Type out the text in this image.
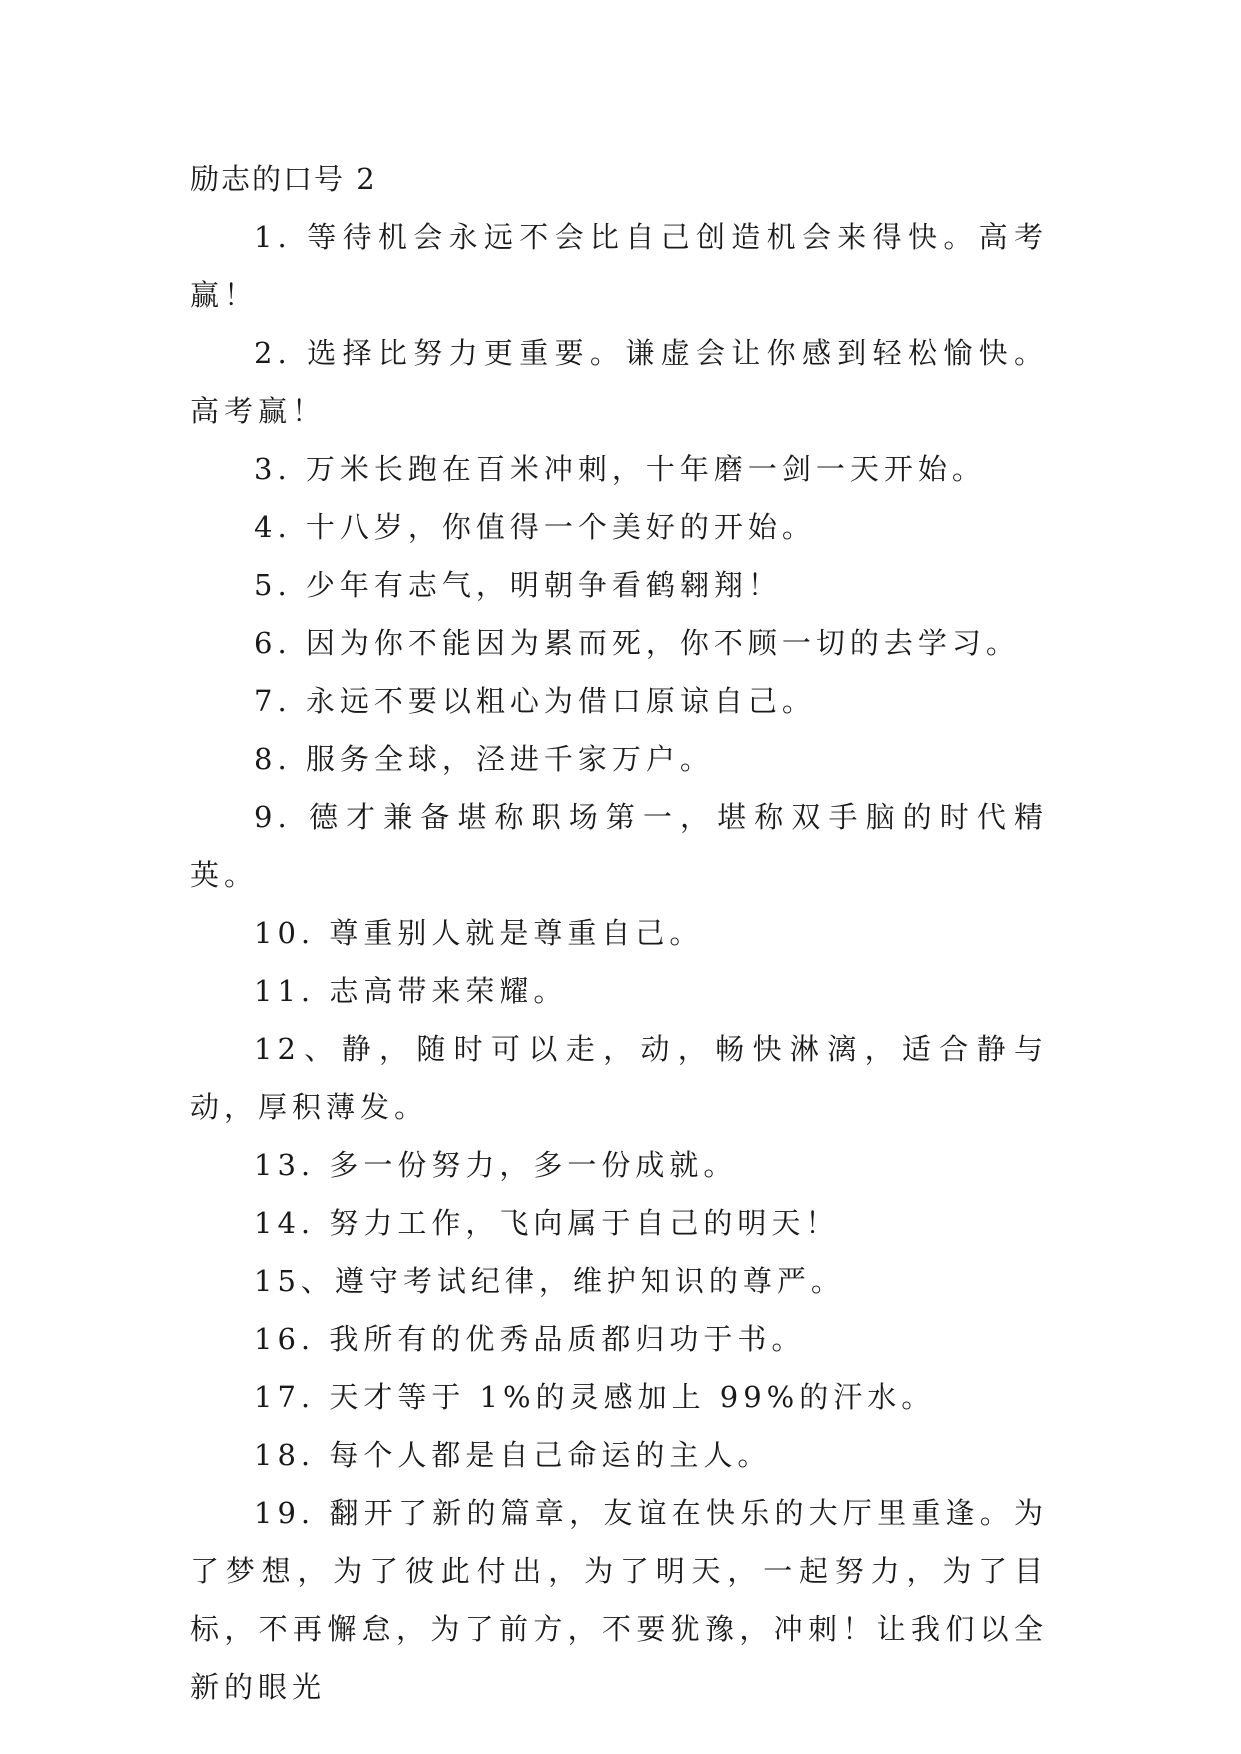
励志的口号 2

1. 等待机会永远不会比自己创造机会来得快。高考赢！

2. 选择比努力更重要。谦虚会让你感到轻松愉快。高考赢！

3. 万米长跑在百米冲刺，十年磨一剑一天开始。

4. 十八岁，你值得一个美好的开始。

5. 少年有志气，明朝争看鹤翱翔！

6. 因为你不能因为累而死，你不顾一切的去学习。

7. 永远不要以粗心为借口原谅自己。

8. 服务全球，泾进千家万户。

9. 德才兼备堪称职场第一，堪称双手脑的时代精英。

10. 尊重别人就是尊重自己。

11. 志高带来荣耀。

12、静，随时可以走，动，畅快淋漓，适合静与动，厚积薄发。

13. 多一份努力，多一份成就。

14. 努力工作，飞向属于自己的明天！

15、遵守考试纪律，维护知识的尊严。

16. 我所有的优秀品质都归功于书。

17. 天才等于 1%的灵感加上 99%的汗水。

18. 每个人都是自己命运的主人。

19. 翻开了新的篇章，友谊在快乐的大厅里重逢。为了梦想，为了彼此付出，为了明天，一起努力，为了目标，不再懈怠，为了前方，不要犹豫，冲刺！让我们以全新的眼光
